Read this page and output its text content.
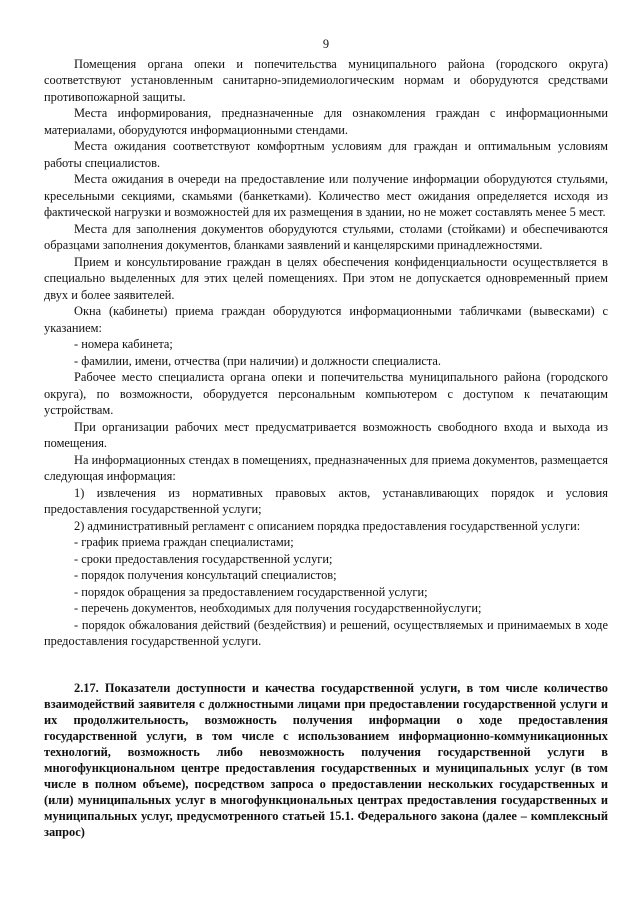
9

Помещения органа опеки и попечительства муниципального района (городского округа) соответствуют установленным санитарно-эпидемиологическим нормам и оборудуются средствами противопожарной защиты.

Места информирования, предназначенные для ознакомления граждан с информационными материалами, оборудуются информационными стендами.

Места ожидания соответствуют комфортным условиям для граждан и оптимальным условиям работы специалистов.

Места ожидания в очереди на предоставление или получение информации оборудуются стульями, кресельными секциями, скамьями (банкетками). Количество мест ожидания определяется исходя из фактической нагрузки и возможностей для их размещения в здании, но не может составлять менее 5 мест.

Места для заполнения документов оборудуются стульями, столами (стойками) и обеспечиваются образцами заполнения документов, бланками заявлений и канцелярскими принадлежностями.

Прием и консультирование граждан в целях обеспечения конфиденциальности осуществляется в специально выделенных для этих целей помещениях. При этом не допускается одновременный прием двух и более заявителей.

Окна (кабинеты) приема граждан оборудуются информационными табличками (вывесками) с указанием:

- номера кабинета;

- фамилии, имени, отчества (при наличии) и должности специалиста.

Рабочее место специалиста органа опеки и попечительства муниципального района (городского округа), по возможности, оборудуется персональным компьютером с доступом к печатающим устройствам.

При организации рабочих мест предусматривается возможность свободного входа и выхода из помещения.

На информационных стендах в помещениях, предназначенных для приема документов, размещается следующая информация:

1) извлечения из нормативных правовых актов, устанавливающих порядок и условия предоставления государственной услуги;

2) административный регламент с описанием порядка предоставления государственной услуги:

- график приема граждан специалистами;

- сроки предоставления государственной услуги;

- порядок получения консультаций специалистов;

- порядок обращения за предоставлением государственной услуги;

- перечень документов, необходимых для получения государственнойуслуги;

- порядок обжалования действий (бездействия) и решений, осуществляемых и принимаемых в ходе предоставления государственной услуги.

2.17. Показатели доступности и качества государственной услуги, в том числе количество взаимодействий заявителя с должностными лицами при предоставлении государственной услуги и их продолжительность, возможность получения информации о ходе предоставления государственной услуги, в том числе с использованием информационно-коммуникационных технологий, возможность либо невозможность получения государственной услуги в многофункциональном центре предоставления государственных и муниципальных услуг (в том числе в полном объеме), посредством запроса о предоставлении нескольких государственных и (или) муниципальных услуг в многофункциональных центрах предоставления государственных и муниципальных услуг, предусмотренного статьей 15.1. Федерального закона (далее – комплексный запрос)
